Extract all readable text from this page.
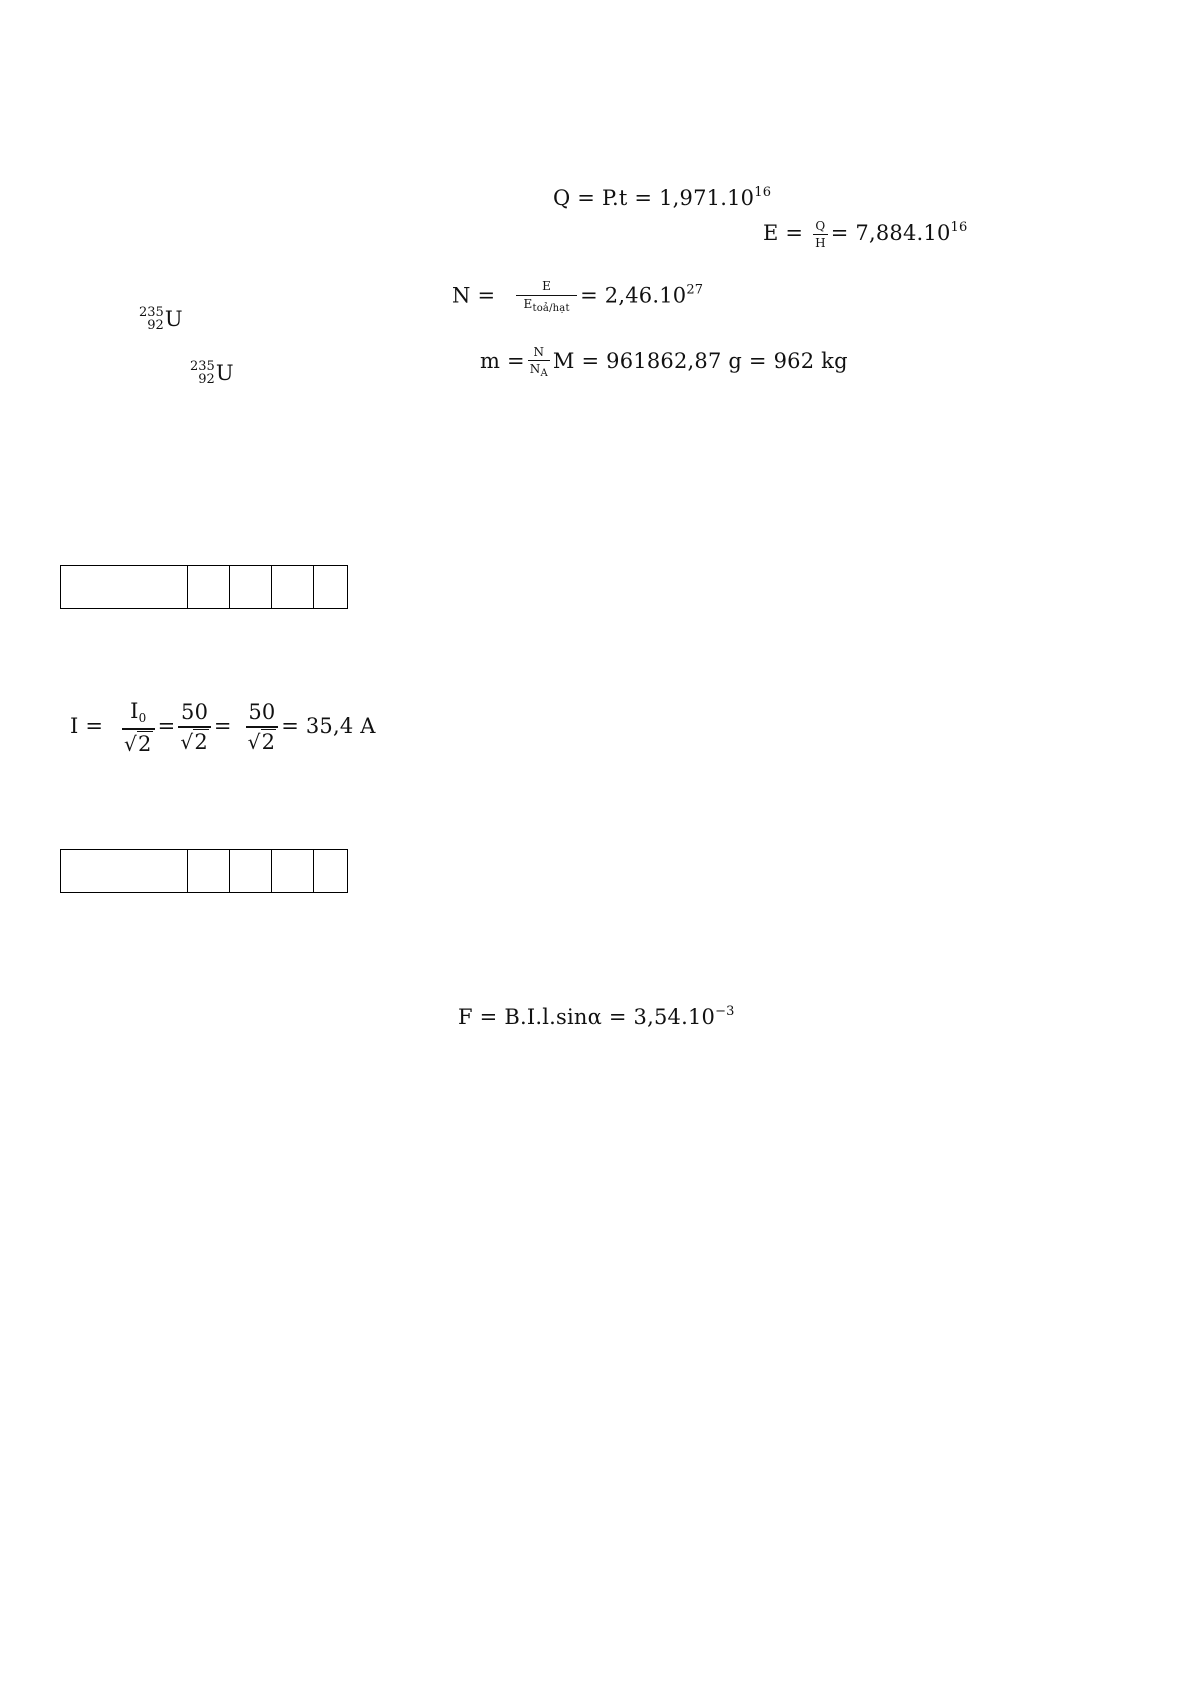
$Q = P.t = 1,971.10^{16}$
$E = \frac{Q}{H} = 7,884.10^{16}$
235
92 U
$N = \frac{E}{E_{toả/hạt}} = 2,46.10^{27}$
235
92 U	$m = \frac{N}{N_A}$ M = 961862,87 g = 962 kg

$I = \frac{I_0}{√2} = \frac{50}{√2} = \frac{50}{√2} = 35,4$ A

$F = B.I.l.\sin\alpha = 3,54.10^{-3}$
